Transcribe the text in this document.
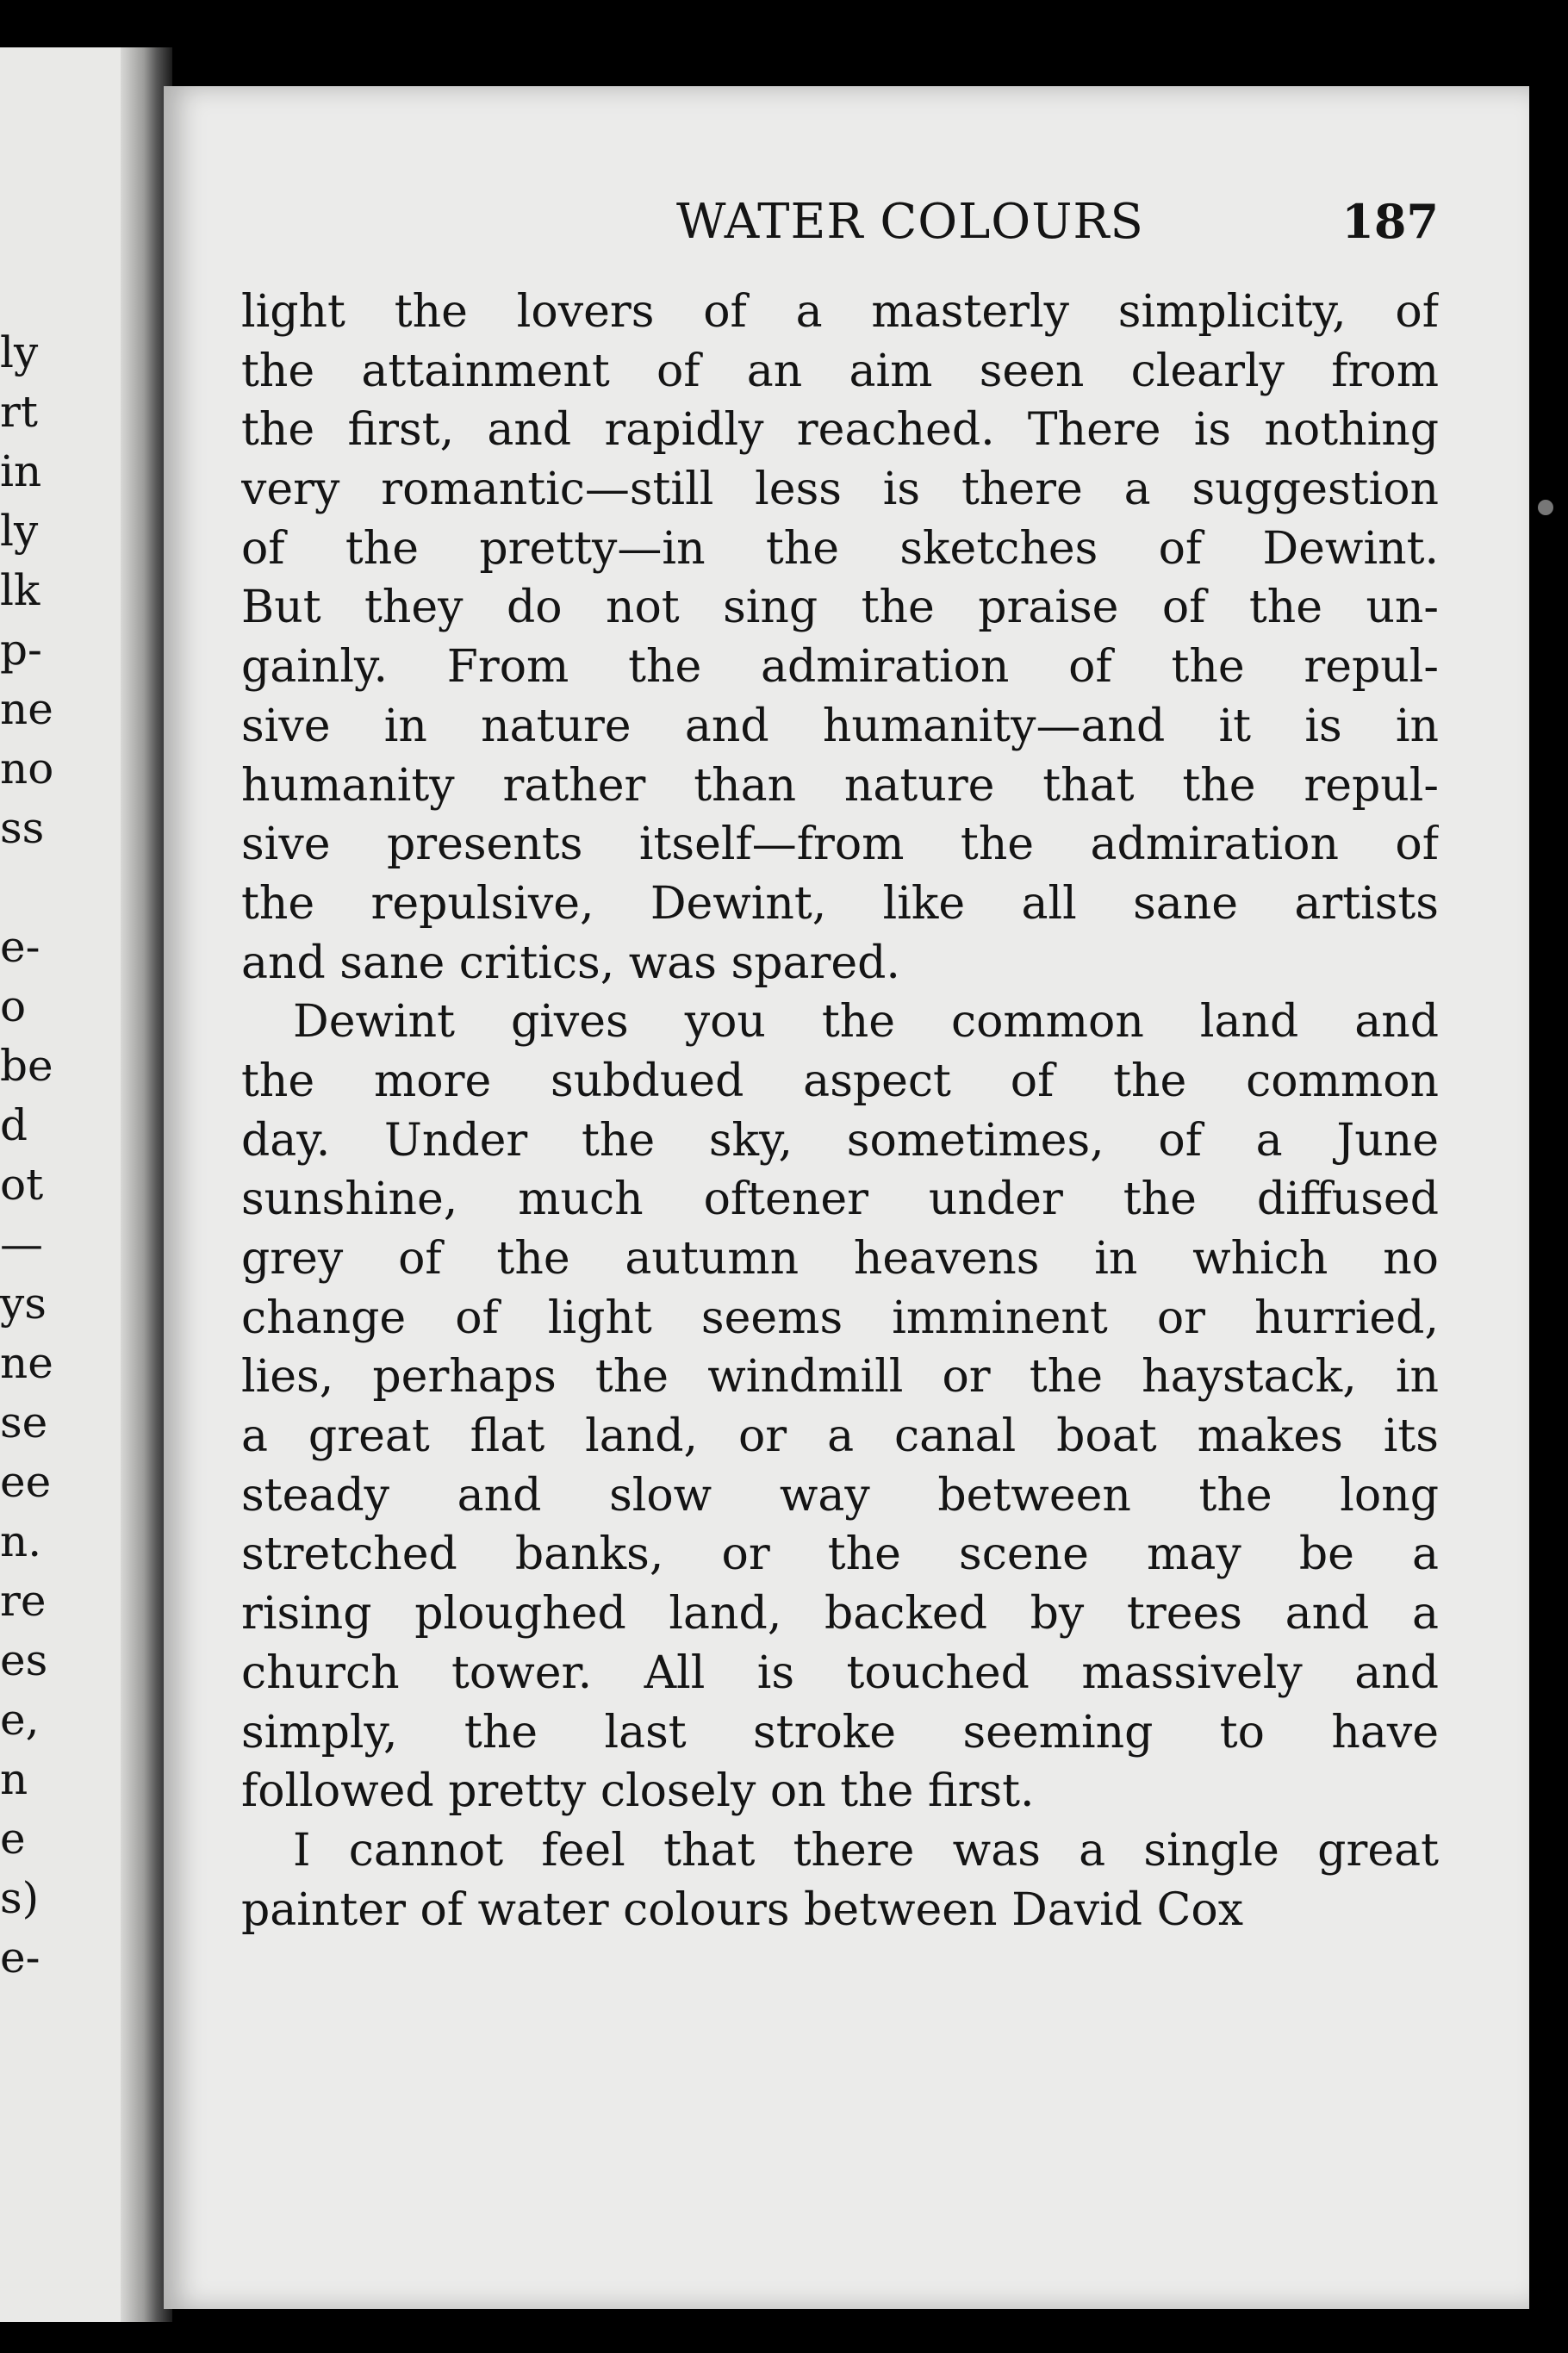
ly
rt
in
ly
lk
p-
ne
no
ss
e-
o
be
d
ot
—
ys
ne
se
ee
n.
re
es
e,
n
e
s)
e-
WATER COLOURS	187
light the lovers of a masterly simplicity, of
the attainment of an aim seen clearly from
the first, and rapidly reached. There is nothing
very romantic—still less is there a suggestion
of the pretty—in the sketches of Dewint.
But they do not sing the praise of the un-
gainly. From the admiration of the repul-
sive in nature and humanity—and it is in
humanity rather than nature that the repul-
sive presents itself—from the admiration of
the repulsive, Dewint, like all sane artists
and sane critics, was spared.
Dewint gives you the common land and
the more subdued aspect of the common
day. Under the sky, sometimes, of a June
sunshine, much oftener under the diffused
grey of the autumn heavens in which no
change of light seems imminent or hurried,
lies, perhaps the windmill or the haystack, in
a great flat land, or a canal boat makes its
steady and slow way between the long
stretched banks, or the scene may be a
rising ploughed land, backed by trees and a
church tower. All is touched massively and
simply, the last stroke seeming to have
followed pretty closely on the first.
I cannot feel that there was a single great
painter of water colours between David Cox
